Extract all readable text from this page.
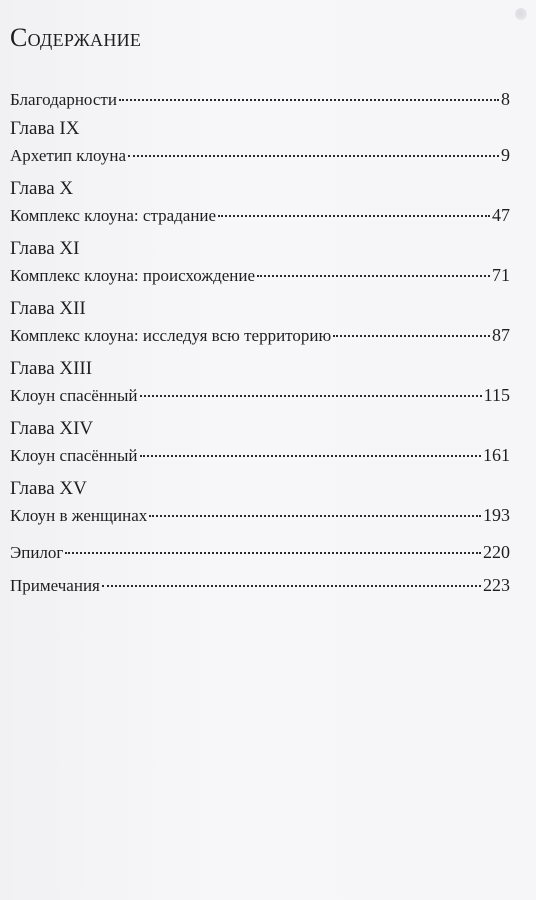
Содержание
Благодарности	8
Глава IX
Архетип клоуна	9
Глава X
Комплекс клоуна: страдание	47
Глава XI
Комплекс клоуна: происхождение	71
Глава XII
Комплекс клоуна: исследуя всю территорию	87
Глава XIII
Клоун спасённый	115
Глава XIV
Клоун спасённый	161
Глава XV
Клоун в женщинах	193
Эпилог	220
Примечания	223
